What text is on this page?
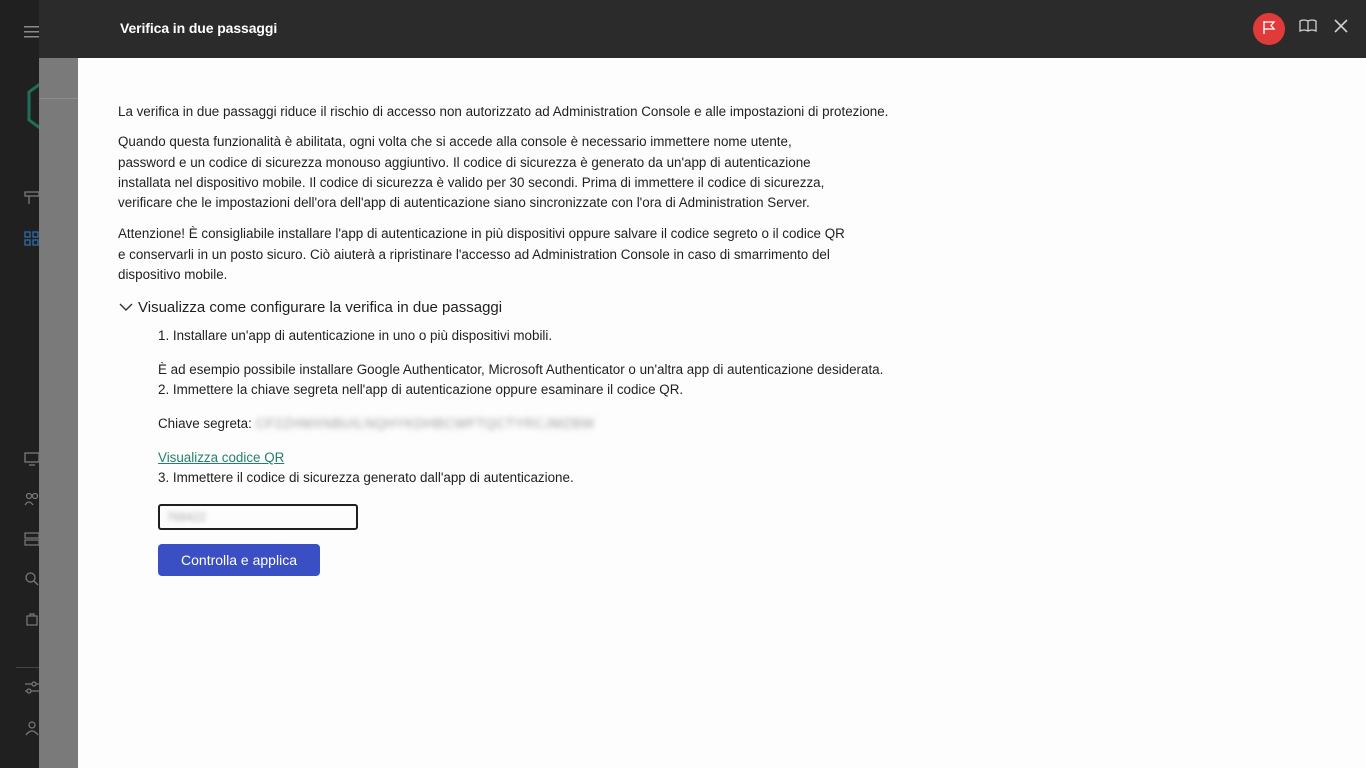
Verifica in due passaggi

La verifica in due passaggi riduce il rischio di accesso non autorizzato ad Administration Console e alle impostazioni di protezione.

Quando questa funzionalità è abilitata, ogni volta che si accede alla console è necessario immettere nome utente,
password e un codice di sicurezza monouso aggiuntivo. Il codice di sicurezza è generato da un'app di autenticazione
installata nel dispositivo mobile. Il codice di sicurezza è valido per 30 secondi. Prima di immettere il codice di sicurezza,
verificare che le impostazioni dell'ora dell'app di autenticazione siano sincronizzate con l'ora di Administration Server.

Attenzione! È consigliabile installare l'app di autenticazione in più dispositivi oppure salvare il codice segreto o il codice QR
e conservarli in un posto sicuro. Ciò aiuterà a ripristinare l'accesso ad Administration Console in caso di smarrimento del
dispositivo mobile.

Visualizza come configurare la verifica in due passaggi
1. Installare un'app di autenticazione in uno o più dispositivi mobili.
È ad esempio possibile installare Google Authenticator, Microsoft Authenticator o un'altra app di autenticazione desiderata.
2. Immettere la chiave segreta nell'app di autenticazione oppure esaminare il codice QR.
Chiave segreta: CF2ZHMXNBUILNQHYKDHBCWFTQCTYRCJMZBW
Visualizza codice QR
3. Immettere il codice di sicurezza generato dall'app di autenticazione.
768422
Controlla e applica
